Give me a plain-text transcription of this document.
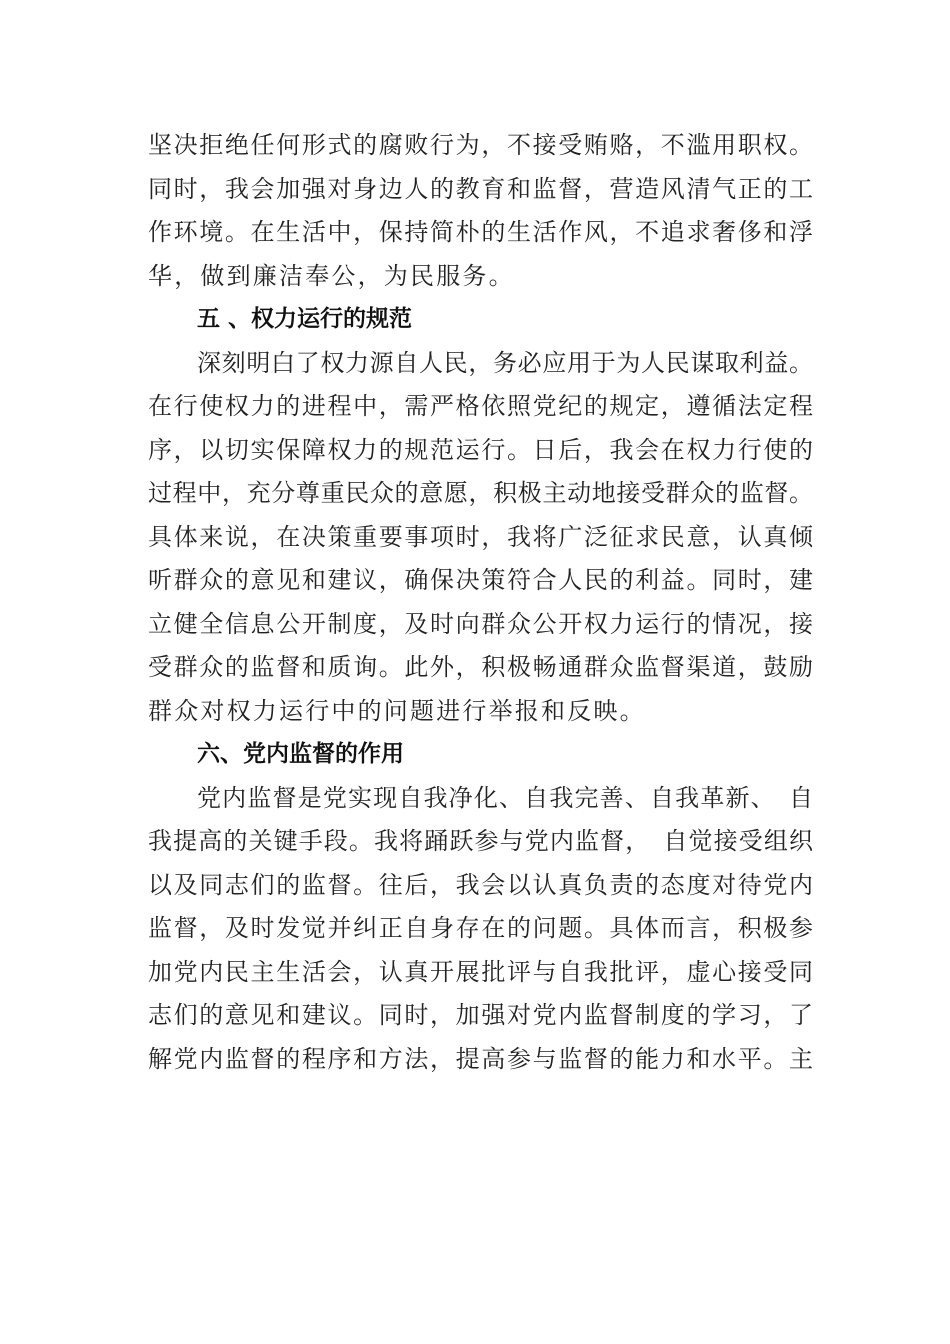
坚决拒绝任何形式的腐败行为，不接受贿赂，不滥用职权。
同时，我会加强对身边人的教育和监督，营造风清气正的工
作环境。在生活中，保持简朴的生活作风，不追求奢侈和浮
华，做到廉洁奉公，为民服务。
五 、权力运行的规范
深刻明白了权力源自人民，务必应用于为人民谋取利益。
在行使权力的进程中，需严格依照党纪的规定，遵循法定程
序，以切实保障权力的规范运行。日后，我会在权力行使的
过程中，充分尊重民众的意愿，积极主动地接受群众的监督。
具体来说，在决策重要事项时，我将广泛征求民意，认真倾
听群众的意见和建议，确保决策符合人民的利益。同时，建
立健全信息公开制度，及时向群众公开权力运行的情况，接
受群众的监督和质询。此外，积极畅通群众监督渠道，鼓励
群众对权力运行中的问题进行举报和反映。
六、党内监督的作用
党内监督是党实现自我净化、自我完善、自我革新、　自
我提高的关键手段。我将踊跃参与党内监督，　自觉接受组织
以及同志们的监督。往后，我会以认真负责的态度对待党内
监督，及时发觉并纠正自身存在的问题。具体而言，积极参
加党内民主生活会，认真开展批评与自我批评，虚心接受同
志们的意见和建议。同时，加强对党内监督制度的学习，了
解党内监督的程序和方法，提高参与监督的能力和水平。主
